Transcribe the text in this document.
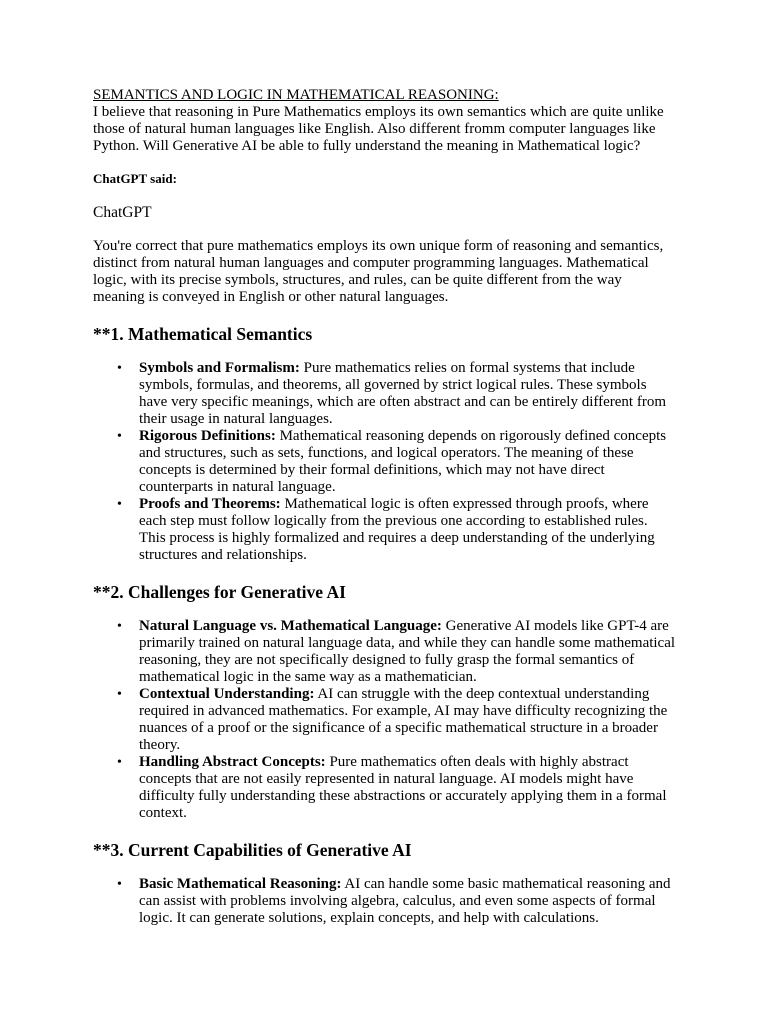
SEMANTICS AND LOGIC IN MATHEMATICAL REASONING:
I believe that reasoning in Pure Mathematics employs its own semantics which are quite unlike those of natural human languages like English. Also different fromm computer languages like Python. Will Generative AI be able to fully understand the meaning in Mathematical logic?

ChatGPT said:

ChatGPT

You're correct that pure mathematics employs its own unique form of reasoning and semantics, distinct from natural human languages and computer programming languages. Mathematical logic, with its precise symbols, structures, and rules, can be quite different from the way meaning is conveyed in English or other natural languages.

**1. Mathematical Semantics
• Symbols and Formalism: Pure mathematics relies on formal systems that include symbols, formulas, and theorems, all governed by strict logical rules. These symbols have very specific meanings, which are often abstract and can be entirely different from their usage in natural languages.
• Rigorous Definitions: Mathematical reasoning depends on rigorously defined concepts and structures, such as sets, functions, and logical operators. The meaning of these concepts is determined by their formal definitions, which may not have direct counterparts in natural language.
• Proofs and Theorems: Mathematical logic is often expressed through proofs, where each step must follow logically from the previous one according to established rules. This process is highly formalized and requires a deep understanding of the underlying structures and relationships.
**2. Challenges for Generative AI
• Natural Language vs. Mathematical Language: Generative AI models like GPT-4 are primarily trained on natural language data, and while they can handle some mathematical reasoning, they are not specifically designed to fully grasp the formal semantics of mathematical logic in the same way as a mathematician.
• Contextual Understanding: AI can struggle with the deep contextual understanding required in advanced mathematics. For example, AI may have difficulty recognizing the nuances of a proof or the significance of a specific mathematical structure in a broader theory.
• Handling Abstract Concepts: Pure mathematics often deals with highly abstract concepts that are not easily represented in natural language. AI models might have difficulty fully understanding these abstractions or accurately applying them in a formal context.
**3. Current Capabilities of Generative AI
• Basic Mathematical Reasoning: AI can handle some basic mathematical reasoning and can assist with problems involving algebra, calculus, and even some aspects of formal logic. It can generate solutions, explain concepts, and help with calculations.
